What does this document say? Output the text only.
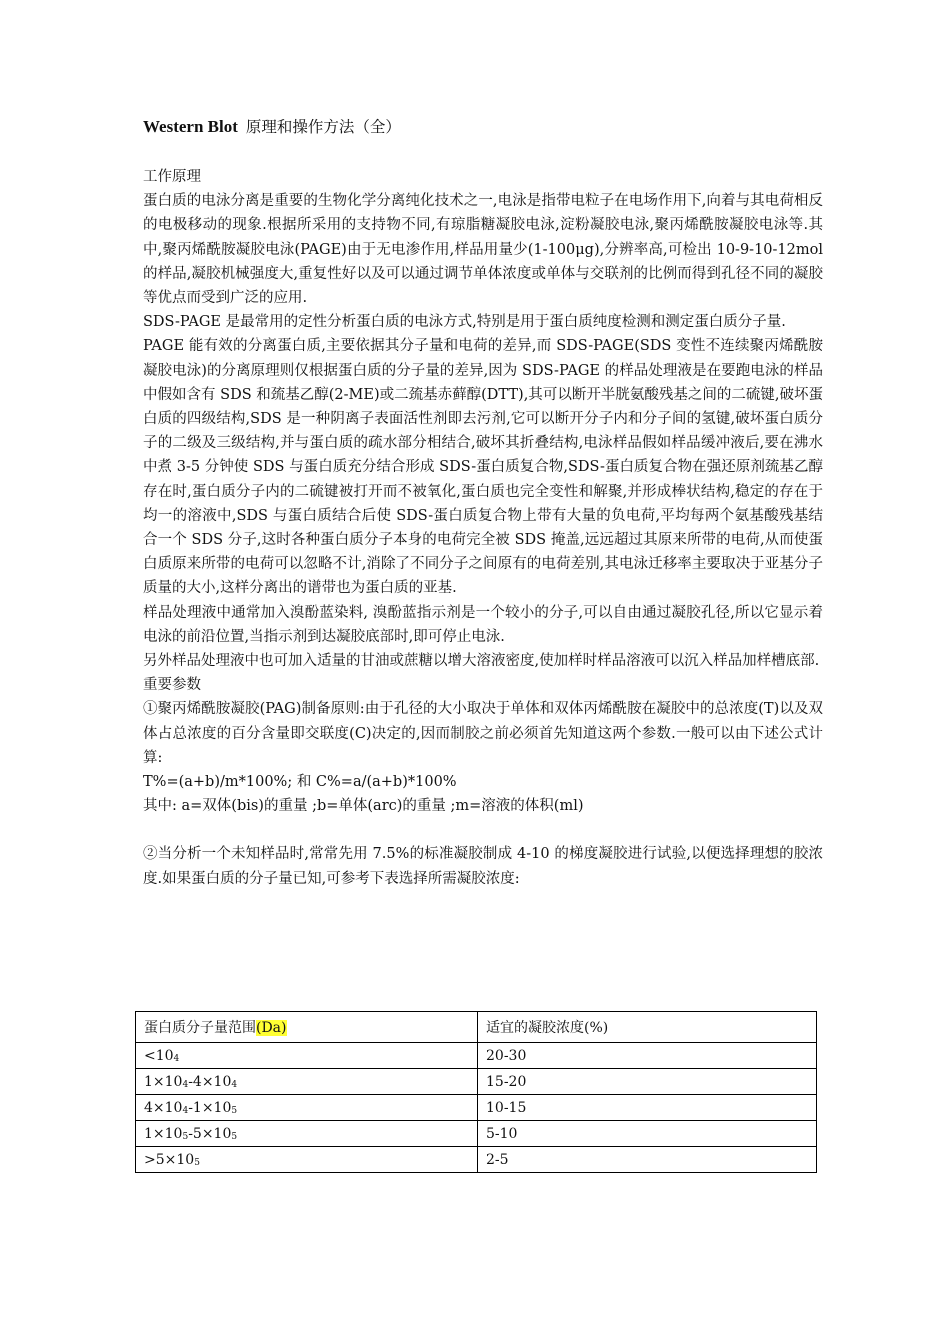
Western Blot 原理和操作方法（全）

工作原理

蛋白质的电泳分离是重要的生物化学分离纯化技术之一,电泳是指带电粒子在电场作用下,向着与其电荷相反的电极移动的现象.根据所采用的支持物不同,有琼脂糖凝胶电泳,淀粉凝胶电泳,聚丙烯酰胺凝胶电泳等.其中,聚丙烯酰胺凝胶电泳(PAGE)由于无电渗作用,样品用量少(1-100μg),分辨率高,可检出 10-9-10-12mol 的样品,凝胶机械强度大,重复性好以及可以通过调节单体浓度或单体与交联剂的比例而得到孔径不同的凝胶等优点而受到广泛的应用.

SDS-PAGE 是最常用的定性分析蛋白质的电泳方式,特别是用于蛋白质纯度检测和测定蛋白质分子量.

PAGE 能有效的分离蛋白质,主要依据其分子量和电荷的差异,而 SDS-PAGE(SDS 变性不连续聚丙烯酰胺凝胶电泳)的分离原理则仅根据蛋白质的分子量的差异,因为 SDS-PAGE 的样品处理液是在要跑电泳的样品中假如含有 SDS 和巯基乙醇(2-ME)或二巯基赤藓醇(DTT),其可以断开半胱氨酸残基之间的二硫键,破坏蛋白质的四级结构,SDS 是一种阴离子表面活性剂即去污剂,它可以断开分子内和分子间的氢键,破坏蛋白质分子的二级及三级结构,并与蛋白质的疏水部分相结合,破坏其折叠结构,电泳样品假如样品缓冲液后,要在沸水中煮 3-5 分钟使 SDS 与蛋白质充分结合形成 SDS-蛋白质复合物,SDS-蛋白质复合物在强还原剂巯基乙醇存在时,蛋白质分子内的二硫键被打开而不被氧化,蛋白质也完全变性和解聚,并形成棒状结构,稳定的存在于均一的溶液中,SDS 与蛋白质结合后使 SDS-蛋白质复合物上带有大量的负电荷,平均每两个氨基酸残基结合一个 SDS 分子,这时各种蛋白质分子本身的电荷完全被 SDS 掩盖,远远超过其原来所带的电荷,从而使蛋白质原来所带的电荷可以忽略不计,消除了不同分子之间原有的电荷差别,其电泳迁移率主要取决于亚基分子质量的大小,这样分离出的谱带也为蛋白质的亚基.

样品处理液中通常加入溴酚蓝染料, 溴酚蓝指示剂是一个较小的分子,可以自由通过凝胶孔径,所以它显示着电泳的前沿位置,当指示剂到达凝胶底部时,即可停止电泳.

另外样品处理液中也可加入适量的甘油或蔗糖以增大溶液密度,使加样时样品溶液可以沉入样品加样槽底部.

重要参数

①聚丙烯酰胺凝胶(PAG)制备原则:由于孔径的大小取决于单体和双体丙烯酰胺在凝胶中的总浓度(T)以及双体占总浓度的百分含量即交联度(C)决定的,因而制胶之前必须首先知道这两个参数.一般可以由下述公式计算:

T%=(a+b)/m*100%; 和 C%=a/(a+b)*100%

其中: a=双体(bis)的重量 ;b=单体(arc)的重量 ;m=溶液的体积(ml)

②当分析一个未知样品时,常常先用 7.5%的标准凝胶制成 4-10 的梯度凝胶进行试验,以便选择理想的胶浓度.如果蛋白质的分子量已知,可参考下表选择所需凝胶浓度:

蛋白质分子量范围(Da)	适宜的凝胶浓度(%)
$<10^4$	20-30
$1\times 10^4-4\times 10^4$	15-20
$4\times 10^4-1\times 10^5$	10-15
$1\times 10^5-5\times 10^5$	5-10
$>5\times 10^5$	2-5
